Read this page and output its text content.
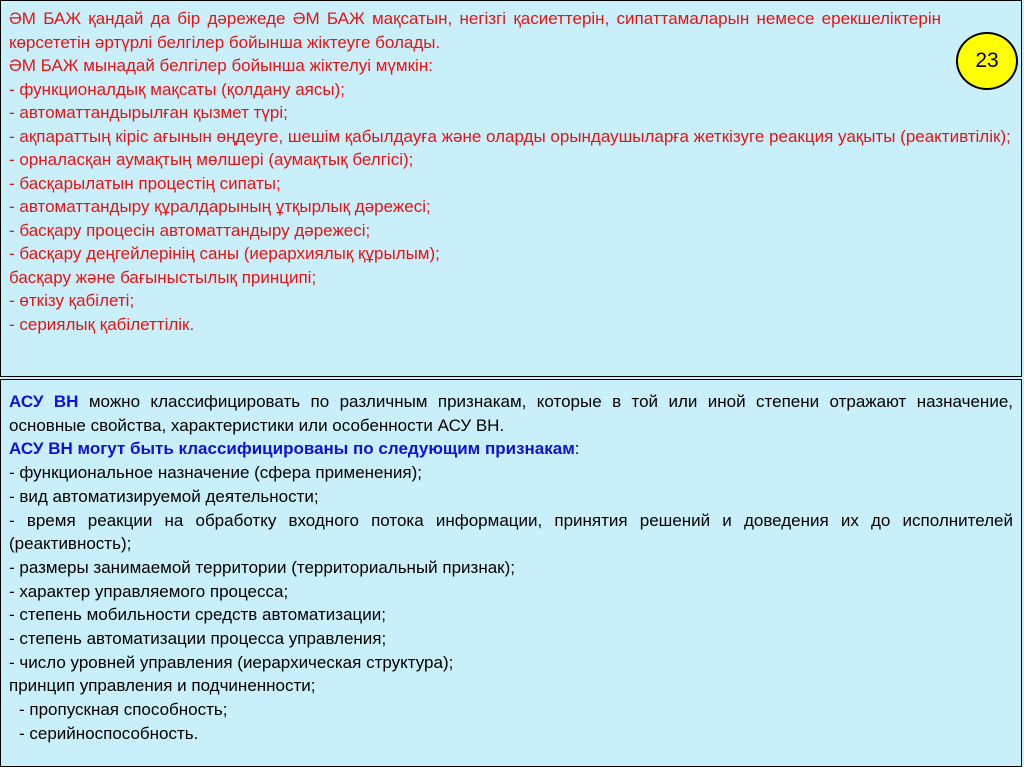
ӘМ БАЖ қандай да бір дәрежеде ӘМ БАЖ мақсатын, негізгі қасиеттерін, сипаттамаларын немесе ерекшеліктерін көрсететін әртүрлі белгілер бойынша жіктеуге болады.
ӘМ БАЖ мынадай белгілер бойынша жіктелуі мүмкін:
- функционалдық мақсаты (қолдану аясы);
- автоматтандырылған қызмет түрі;
- ақпараттың кіріс ағынын өңдеуге, шешім қабылдауға және оларды орындаушыларға жеткізуге реакция уақыты (реактивтілік);
- орналасқан аумақтың мөлшері (аумақтық белгісі);
- басқарылатын процестің сипаты;
- автоматтандыру құралдарының ұтқырлық дәрежесі;
- басқару процесін автоматтандыру дәрежесі;
- басқару деңгейлерінің саны (иерархиялық құрылым);
басқару және бағыныстылық принципі;
- өткізу қабілеті;
- сериялық қабілеттілік.
23
АСУ ВН можно классифицировать по различным признакам, которые в той или иной степени отражают назначение, основные свойства, характеристики или особенности АСУ ВН.
АСУ ВН могут быть классифицированы по следующим признакам:
- функциональное назначение (сфера применения);
- вид автоматизируемой деятельности;
- время реакции на обработку входного потока информации, принятия решений и доведения их до исполнителей (реактивность);
- размеры занимаемой территории (территориальный признак);
- характер управляемого процесса;
- степень мобильности средств автоматизации;
- степень автоматизации процесса управления;
- число уровней управления (иерархическая структура);
принцип управления и подчиненности;
- пропускная способность;
- серийноспособность.
